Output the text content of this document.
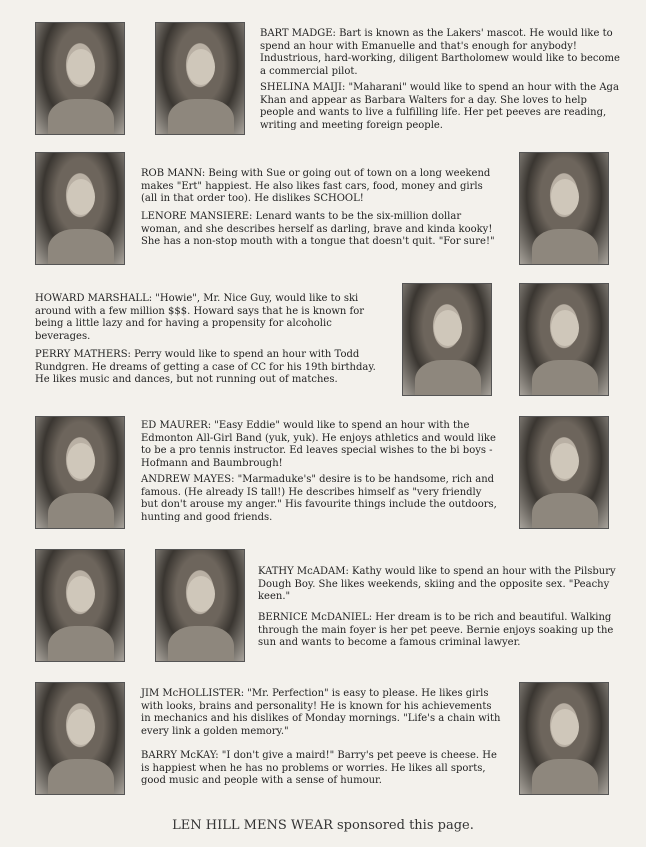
BART MADGE: Bart is known as the Lakers' mascot. He would like to spend an hour with Emanuelle and that's enough for anybody! Industrious, hard-working, diligent Bartholomew would like to become a commercial pilot.

SHELINA MAIJI: "Maharani" would like to spend an hour with the Aga Khan and appear as Barbara Walters for a day. She loves to help people and wants to live a fulfilling life. Her pet peeves are reading, writing and meeting foreign people.

ROB MANN: Being with Sue or going out of town on a long weekend makes "Ert" happiest. He also likes fast cars, food, money and girls (all in that order too). He dislikes SCHOOL!

LENORE MANSIERE: Lenard wants to be the six-million dollar woman, and she describes herself as darling, brave and kinda kooky! She has a non-stop mouth with a tongue that doesn't quit. "For sure!"

HOWARD MARSHALL: "Howie", Mr. Nice Guy, would like to ski around with a few million $$$. Howard says that he is known for being a little lazy and for having a propensity for alcoholic beverages.

PERRY MATHERS: Perry would like to spend an hour with Todd Rundgren. He dreams of getting a case of CC for his 19th birthday. He likes music and dances, but not running out of matches.

ED MAURER: "Easy Eddie" would like to spend an hour with the Edmonton All-Girl Band (yuk, yuk). He enjoys athletics and would like to be a pro tennis instructor. Ed leaves special wishes to the bi boys - Hofmann and Baumbrough!

ANDREW MAYES: "Marmaduke's" desire is to be handsome, rich and famous. (He already IS tall!) He describes himself as "very friendly but don't arouse my anger." His favourite things include the outdoors, hunting and good friends.

KATHY McADAM: Kathy would like to spend an hour with the Pilsbury Dough Boy. She likes weekends, skiing and the opposite sex. "Peachy keen."

BERNICE McDANIEL: Her dream is to be rich and beautiful. Walking through the main foyer is her pet peeve. Bernie enjoys soaking up the sun and wants to become a famous criminal lawyer.

JIM McHOLLISTER: "Mr. Perfection" is easy to please. He likes girls with looks, brains and personality! He is known for his achievements in mechanics and his dislikes of Monday mornings. "Life's a chain with every link a golden memory."

BARRY McKAY: "I don't give a maird!" Barry's pet peeve is cheese. He is happiest when he has no problems or worries. He likes all sports, good music and people with a sense of humour.

LEN HILL MENS WEAR sponsored this page.
